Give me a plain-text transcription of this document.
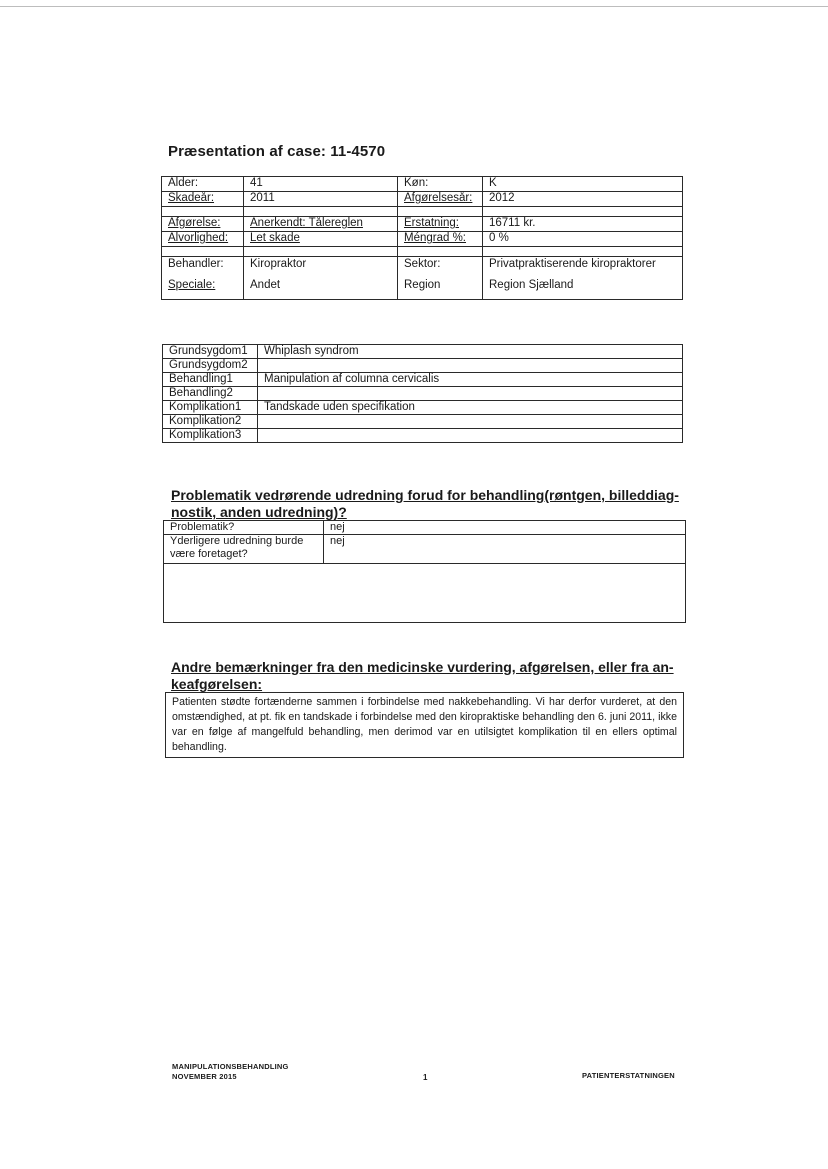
Præsentation af case: 11-4570
Alder:	41	Køn:	K
Skadeår:	2011	Afgørelsesår:	2012

Afgørelse:	Anerkendt: Tålereglen	Erstatning:	16711 kr.
Alvorlighed:	Let skade	Méngrad %:	0 %

Behandler:	Kiropraktor	Sektor:	Privatpraktiserende kiropraktorer
Speciale:	Andet	Region	Region Sjælland
Grundsygdom1	Whiplash syndrom
Grundsygdom2	
Behandling1	Manipulation af columna cervicalis
Behandling2	
Komplikation1	Tandskade uden specifikation
Komplikation2	
Komplikation3	
Problematik vedrørende udredning forud for behandling(røntgen, billeddiag-
nostik, anden udredning)?
Problematik?	nej
Yderligere udredning burde være foretaget?	nej

Andre bemærkninger fra den medicinske vurdering, afgørelsen, eller fra an-
keafgørelsen:
Patienten stødte fortænderne sammen i forbindelse med nakkebehandling. Vi har derfor vurderet, at den omstændighed, at pt. fik en tandskade i forbindelse med den kiropraktiske behandling den 6. juni 2011, ikke var en følge af mangelfuld behandling, men derimod var en utilsigtet komplikation til en ellers optimal behandling.
MANIPULATIONSBEHANDLING
NOVEMBER 2015	1	PATIENTERSTATNINGEN
